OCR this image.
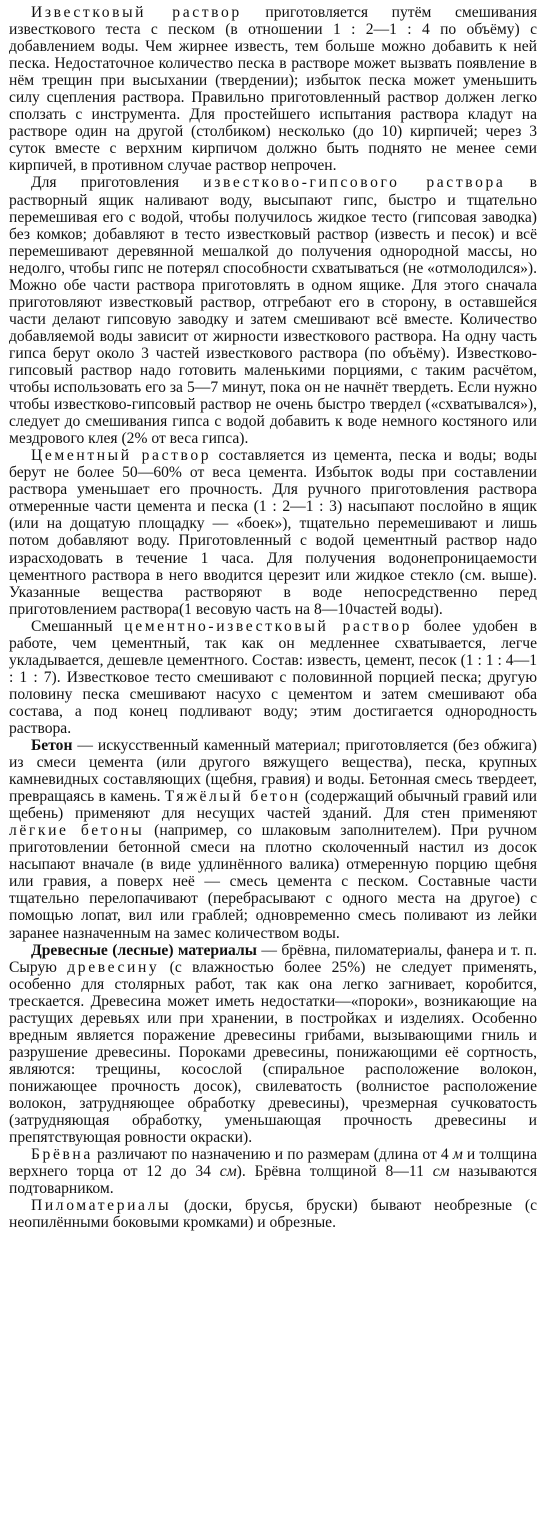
Известковый раствор приготовляется путём смешивания известкового теста с песком (в отношении 1 : 2—1 : 4 по объёму) с добавлением воды. Чем жирнее известь, тем больше можно добавить к ней песка. Недостаточное количество песка в растворе может вызвать появление в нём трещин при высыхании (твердении); избыток песка может уменьшить силу сцепления раствора. Правильно приготовленный раствор должен легко сползать с инструмента. Для простейшего испытания раствора кладут на растворе один на другой (столбиком) несколько (до 10) кирпичей; через 3 суток вместе с верхним кирпичом должно быть поднято не менее семи кирпичей, в противном случае раствор непрочен.

Для приготовления известково-гипсового раствора в растворный ящик наливают воду, высыпают гипс, быстро и тщательно перемешивая его с водой, чтобы получилось жидкое тесто (гипсовая заводка) без комков; добавляют в тесто известковый раствор (известь и песок) и всё перемешивают деревянной мешалкой до получения однородной массы, но недолго, чтобы гипс не потерял способности схватываться (не «отмолодился»). Можно обе части раствора приготовлять в одном ящике. Для этого сначала приготовляют известковый раствор, отгребают его в сторону, в оставшейся части делают гипсовую заводку и затем смешивают всё вместе. Количество добавляемой воды зависит от жирности известкового раствора. На одну часть гипса берут около 3 частей известкового раствора (по объёму). Известково-гипсовый раствор надо готовить маленькими порциями, с таким расчётом, чтобы использовать его за 5—7 минут, пока он не начнёт твердеть. Если нужно чтобы известково-гипсовый раствор не очень быстро твердел («схватывался»), следует до смешивания гипса с водой добавить к воде немного костяного или мездрового клея (2% от веса гипса).

Цементный раствор составляется из цемента, песка и воды; воды берут не более 50—60% от веса цемента. Избыток воды при составлении раствора уменьшает его прочность. Для ручного приготовления раствора отмеренные части цемента и песка (1 : 2—1 : 3) насыпают послойно в ящик (или на дощатую площадку — «боек»), тщательно перемешивают и лишь потом добавляют воду. Приготовленный с водой цементный раствор надо израсходовать в течение 1 часа. Для получения водонепроницаемости цементного раствора в него вводится церезит или жидкое стекло (см. выше). Указанные вещества растворяют в воде непосредственно перед приготовлением раствора(1 весовую часть на 8—10частей воды).

Смешанный цементно-известковый раствор более удобен в работе, чем цементный, так как он медленнее схватывается, легче укладывается, дешевле цементного. Состав: известь, цемент, песок (1 : 1 : 4—1 : 1 : 7). Известковое тесто смешивают с половинной порцией песка; другую половину песка смешивают насухо с цементом и затем смешивают оба состава, а под конец подливают воду; этим достигается однородность раствора.

Бетон — искусственный каменный материал; приготовляется (без обжига) из смеси цемента (или другого вяжущего вещества), песка, крупных камневидных составляющих (щебня, гравия) и воды. Бетонная смесь твердеет, превращаясь в камень. Тяжёлый бетон (содержащий обычный гравий или щебень) применяют для несущих частей зданий. Для стен применяют лёгкие бетоны (например, со шлаковым заполнителем). При ручном приготовлении бетонной смеси на плотно сколоченный настил из досок насыпают вначале (в виде удлинённого валика) отмеренную порцию щебня или гравия, а поверх неё — смесь цемента с песком. Составные части тщательно перелопачивают (перебрасывают с одного места на другое) с помощью лопат, вил или граблей; одновременно смесь поливают из лейки заранее назначенным на замес количеством воды.

Древесные (лесные) материалы — брёвна, пиломатериалы, фанера и т. п. Сырую древесину (с влажностью более 25%) не следует применять, особенно для столярных работ, так как она легко загнивает, коробится, трескается. Древесина может иметь недостатки—«пороки», возникающие на растущих деревьях или при хранении, в постройках и изделиях. Особенно вредным является поражение древесины грибами, вызывающими гниль и разрушение древесины. Пороками древесины, понижающими её сортность, являются: трещины, косослой (спиральное расположение волокон, понижающее прочность досок), свилеватость (волнистое расположение волокон, затрудняющее обработку древесины), чрезмерная сучковатость (затрудняющая обработку, уменьшающая прочность древесины и препятствующая ровности окраски).

Брёвна различают по назначению и по размерам (длина от 4 м и толщина верхнего торца от 12 до 34 см). Брёвна толщиной 8—11 см называются подтоварником.

Пиломатериалы (доски, брусья, бруски) бывают необрезные (с неопилёнными боковыми кромками) и обрезные.
